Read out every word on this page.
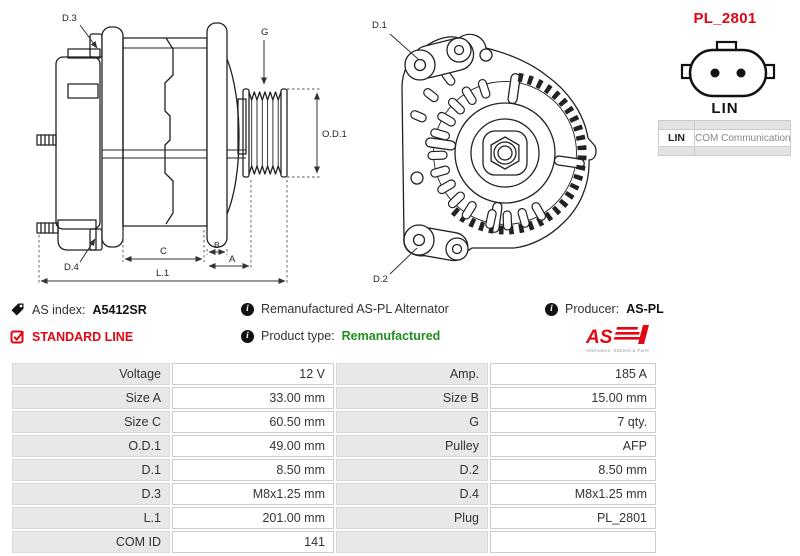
D.3
D.4
G
O.D.1
C
B
A
L.1
D.1
D.2
PL_2801
LIN

LIN	COM Communication

AS index: A5412SR
STANDARD LINE
i Remanufactured AS-PL Alternator
i Product type: Remanufactured
i Producer: AS-PL
AS
Alternators, Starters & Parts
Voltage	12 V	Amp.	185 A
Size A	33.00 mm	Size B	15.00 mm
Size C	60.50 mm	G	7 qty.
O.D.1	49.00 mm	Pulley	AFP
D.1	8.50 mm	D.2	8.50 mm
D.3	M8x1.25 mm	D.4	M8x1.25 mm
L.1	201.00 mm	Plug	PL_2801
COM ID	141		
